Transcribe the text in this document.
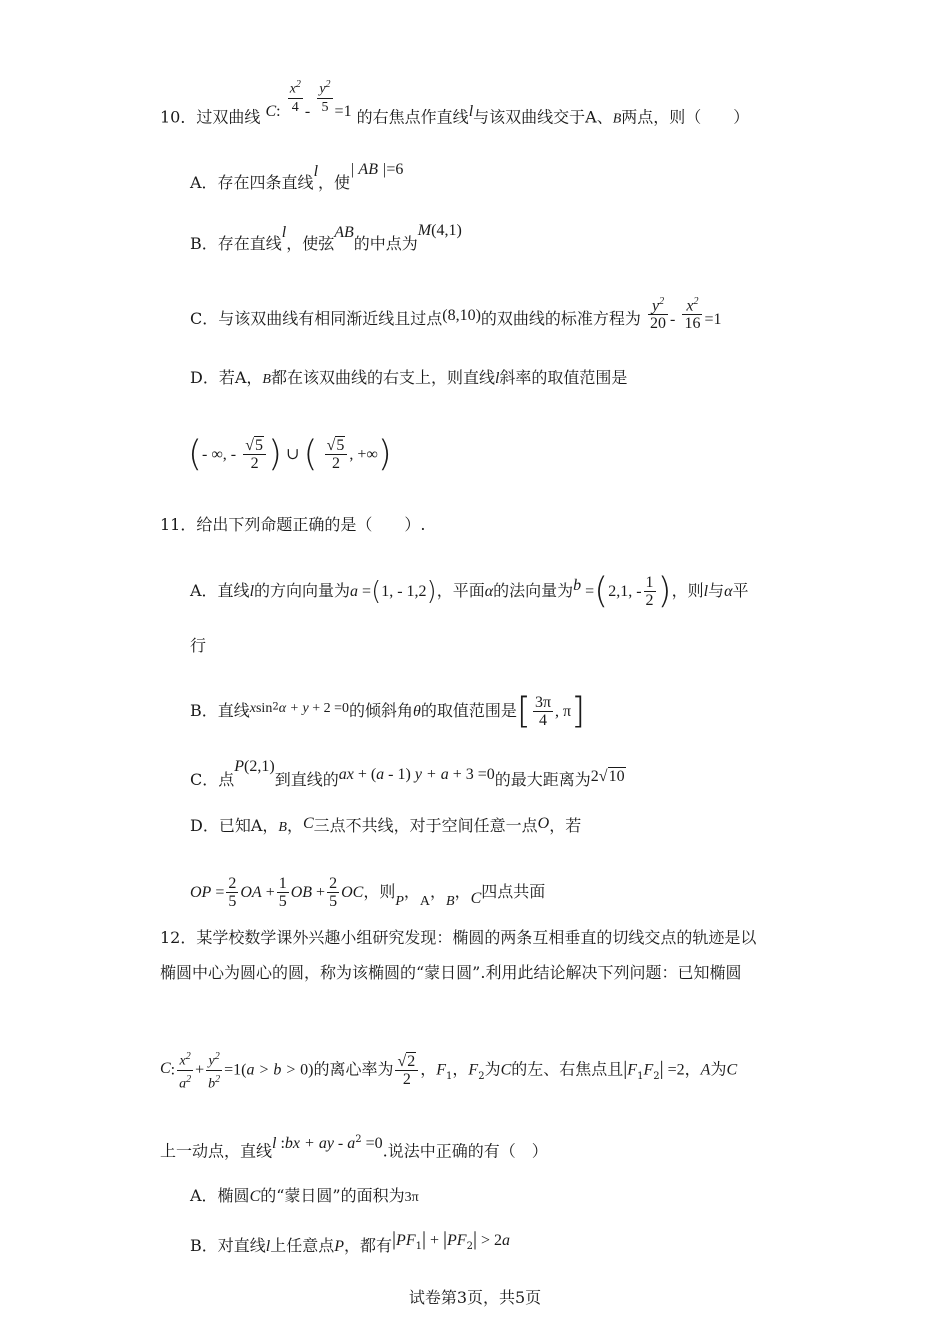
10．过双曲线 C: $\frac{x^2}{4} - \frac{y^2}{5} =1$ 的右焦点作直线l与该双曲线交于A、B两点，则（　　）
A．存在四条直线l，使| AB |=6
B．存在直线l，使弦AB的中点为M(4,1)
C．与该双曲线有相同渐近线且过点(8,10)的双曲线的标准方程为 $\frac{y^2}{20} - \frac{x^2}{16} =1$
D．若A，B都在该双曲线的右支上，则直线l斜率的取值范围是
(- ∞, - $\frac{√5}{2}$ ) ∪ ( $\frac{√5}{2}$ , +∞)
11．给出下列命题正确的是（　　）.
A．直线l的方向向量为a =(1, - 1,2)，平面α的法向量为b =(2,1, - $\frac{1}{2}$ )，则l与α平
行
B．直线xsin$^2$α + y + 2 =0的倾斜角θ的取值范围是[ $\frac{3\pi}{4}$ , π]
C．点P(2,1)到直线的ax + (a - 1) y + a + 3 =0的最大距离为2√10
D．已知A，B，C三点不共线，对于空间任意一点O，若
OP = $\frac{2}{5}$ OA + $\frac{1}{5}$ OB + $\frac{2}{5}$ OC，则P，A，B，C四点共面
12．某学校数学课外兴趣小组研究发现：椭圆的两条互相垂直的切线交点的轨迹是以
椭圆中心为圆心的圆，称为该椭圆的“蒙日圆”.利用此结论解决下列问题：已知椭圆
C: $\frac{x^2}{a^2} + \frac{y^2}{b^2} =1(a > b > 0)$的离心率为 $\frac{√2}{2}$ ，$F_1$，$F_2$为C的左、右焦点且$|F_1F_2| =2$，A为C
上一动点，直线l :bx + ay - $a^2 =0$.说法中正确的有（　）
A．椭圆C的“蒙日圆”的面积为3π
B．对直线l上任意点P，都有$|PF_1| + |PF_2| > 2a$
试卷第3页，共5页
